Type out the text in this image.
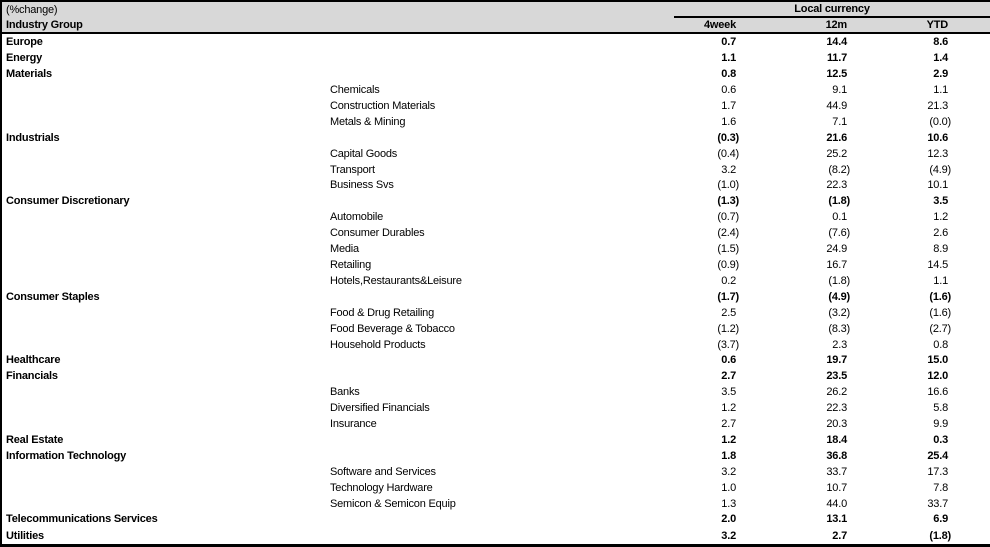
(%change)	Local currency			
Industry Group	4week	12m	YTD	
Europe	0.7	14.4	8.6	
Energy	1.1	11.7	1.4	
Materials	0.8	12.5	2.9	
Chemicals	0.6	9.1	1.1	
Construction Materials	1.7	44.9	21.3	
Metals & Mining	1.6	7.1	(0.0)	
Industrials	(0.3)	21.6	10.6	
Capital Goods	(0.4)	25.2	12.3	
Transport	3.2	(8.2)	(4.9)	
Business Svs	(1.0)	22.3	10.1	
Consumer Discretionary	(1.3)	(1.8)	3.5	
Automobile	(0.7)	0.1	1.2	
Consumer Durables	(2.4)	(7.6)	2.6	
Media	(1.5)	24.9	8.9	
Retailing	(0.9)	16.7	14.5	
Hotels,Restaurants&Leisure	0.2	(1.8)	1.1	
Consumer Staples	(1.7)	(4.9)	(1.6)	
Food & Drug Retailing	2.5	(3.2)	(1.6)	
Food Beverage & Tobacco	(1.2)	(8.3)	(2.7)	
Household Products	(3.7)	2.3	0.8	
Healthcare	0.6	19.7	15.0	
Financials	2.7	23.5	12.0	
Banks	3.5	26.2	16.6	
Diversified Financials	1.2	22.3	5.8	
Insurance	2.7	20.3	9.9	
Real Estate	1.2	18.4	0.3	
Information Technology	1.8	36.8	25.4	
Software and Services	3.2	33.7	17.3	
Technology Hardware	1.0	10.7	7.8	
Semicon & Semicon Equip	1.3	44.0	33.7	
Telecommunications Services	2.0	13.1	6.9	
Utilities	3.2	2.7	(1.8)	
